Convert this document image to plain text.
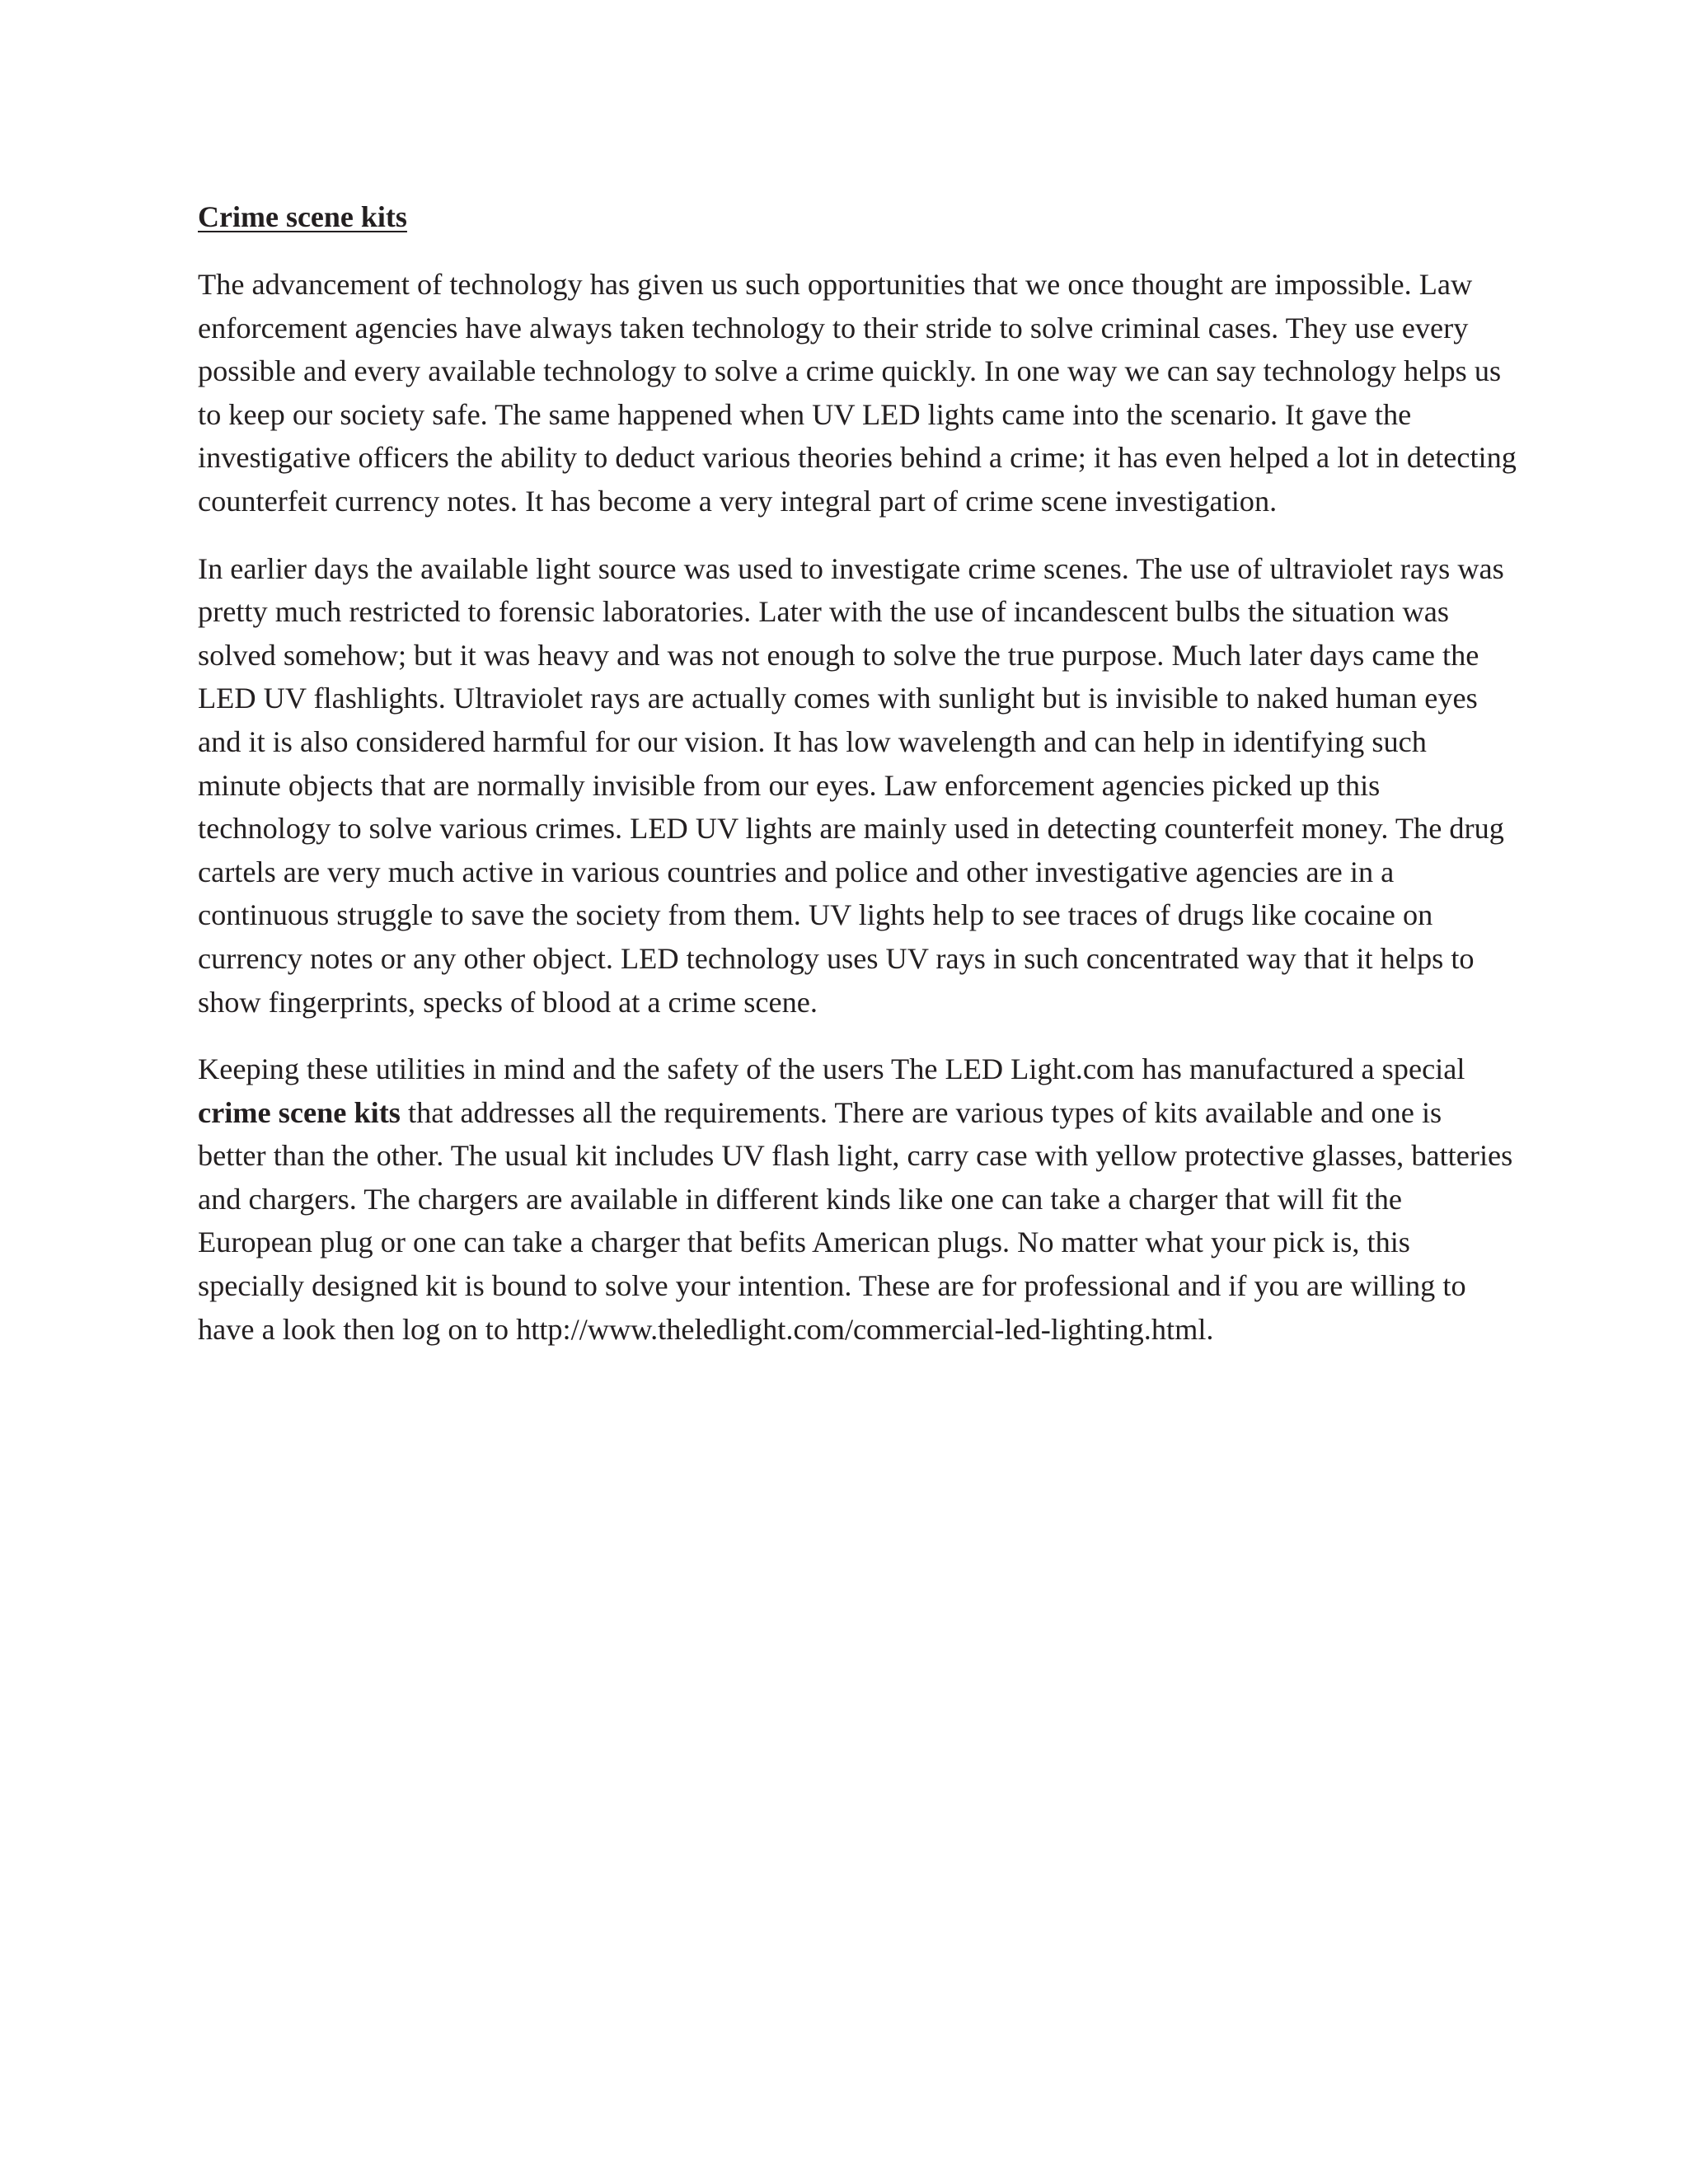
Crime scene kits

The advancement of technology has given us such opportunities that we once thought are impossible. Law enforcement agencies have always taken technology to their stride to solve criminal cases. They use every possible and every available technology to solve a crime quickly. In one way we can say technology helps us to keep our society safe. The same happened when UV LED lights came into the scenario. It gave the investigative officers the ability to deduct various theories behind a crime; it has even helped a lot in detecting counterfeit currency notes. It has become a very integral part of crime scene investigation.

In earlier days the available light source was used to investigate crime scenes. The use of ultraviolet rays was pretty much restricted to forensic laboratories. Later with the use of incandescent bulbs the situation was solved somehow; but it was heavy and was not enough to solve the true purpose. Much later days came the LED UV flashlights. Ultraviolet rays are actually comes with sunlight but is invisible to naked human eyes and it is also considered harmful for our vision. It has low wavelength and can help in identifying such minute objects that are normally invisible from our eyes. Law enforcement agencies picked up this technology to solve various crimes. LED UV lights are mainly used in detecting counterfeit money. The drug cartels are very much active in various countries and police and other investigative agencies are in a continuous struggle to save the society from them. UV lights help to see traces of drugs like cocaine on currency notes or any other object. LED technology uses UV rays in such concentrated way that it helps to show fingerprints, specks of blood at a crime scene.

Keeping these utilities in mind and the safety of the users The LED Light.com has manufactured a special crime scene kits that addresses all the requirements. There are various types of kits available and one is better than the other. The usual kit includes UV flash light, carry case with yellow protective glasses, batteries and chargers. The chargers are available in different kinds like one can take a charger that will fit the European plug or one can take a charger that befits American plugs. No matter what your pick is, this specially designed kit is bound to solve your intention. These are for professional and if you are willing to have a look then log on to http://www.theledlight.com/commercial-led-lighting.html.
